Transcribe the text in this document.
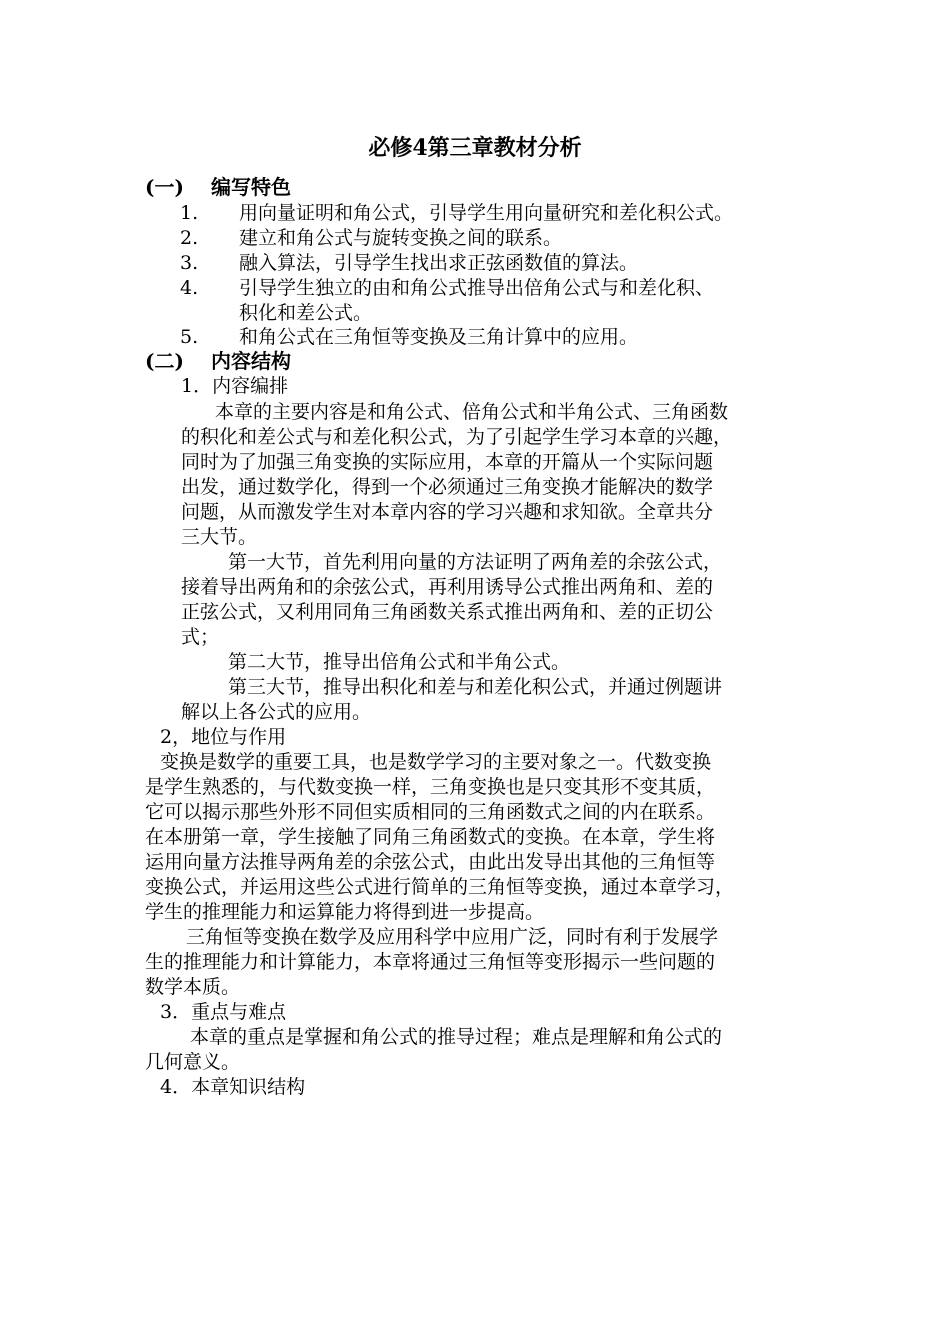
必修4第三章教材分析
(一) 编写特色
1. 用向量证明和角公式，引导学生用向量研究和差化积公式。
2. 建立和角公式与旋转变换之间的联系。
3. 融入算法，引导学生找出求正弦函数值的算法。
4. 引导学生独立的由和角公式推导出倍角公式与和差化积、
积化和差公式。
5. 和角公式在三角恒等变换及三角计算中的应用。
(二) 内容结构
1．内容编排
本章的主要内容是和角公式、倍角公式和半角公式、三角函数
的积化和差公式与和差化积公式，为了引起学生学习本章的兴趣，
同时为了加强三角变换的实际应用，本章的开篇从一个实际问题
出发，通过数学化，得到一个必须通过三角变换才能解决的数学
问题，从而激发学生对本章内容的学习兴趣和求知欲。全章共分
三大节。
第一大节，首先利用向量的方法证明了两角差的余弦公式，
接着导出两角和的余弦公式，再利用诱导公式推出两角和、差的
正弦公式，又利用同角三角函数关系式推出两角和、差的正切公
式；
第二大节，推导出倍角公式和半角公式。
第三大节，推导出积化和差与和差化积公式，并通过例题讲
解以上各公式的应用。
2，地位与作用
变换是数学的重要工具，也是数学学习的主要对象之一。代数变换
是学生熟悉的，与代数变换一样，三角变换也是只变其形不变其质，
它可以揭示那些外形不同但实质相同的三角函数式之间的内在联系。
在本册第一章，学生接触了同角三角函数式的变换。在本章，学生将
运用向量方法推导两角差的余弦公式，由此出发导出其他的三角恒等
变换公式，并运用这些公式进行简单的三角恒等变换，通过本章学习，
学生的推理能力和运算能力将得到进一步提高。
三角恒等变换在数学及应用科学中应用广泛，同时有利于发展学
生的推理能力和计算能力，本章将通过三角恒等变形揭示一些问题的
数学本质。
3．重点与难点
本章的重点是掌握和角公式的推导过程；难点是理解和角公式的
几何意义。
4．本章知识结构
